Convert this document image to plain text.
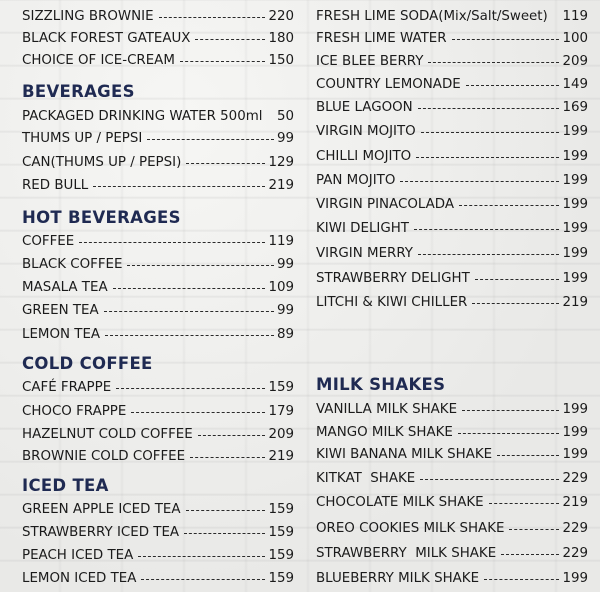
SIZZLING BROWNIE	220
BLACK FOREST GATEAUX	180
CHOICE OF ICE-CREAM	150
BEVERAGES
PACKAGED DRINKING WATER 500ml 50
THUMS UP / PEPSI	99
CAN(THUMS UP / PEPSI)	129
RED BULL	219
HOT BEVERAGES
COFFEE	119
BLACK COFFEE	99
MASALA TEA	109
GREEN TEA	99
LEMON TEA	89
COLD COFFEE
CAFÉ FRAPPE	159
CHOCO FRAPPE	179
HAZELNUT COLD COFFEE	209
BROWNIE COLD COFFEE	219
ICED TEA
GREEN APPLE ICED TEA	159
STRAWBERRY ICED TEA	159
PEACH ICED TEA	159
LEMON ICED TEA	159
FRESH LIME SODA(Mix/Salt/Sweet) 119
FRESH LIME WATER	100
ICE BLEE BERRY	209
COUNTRY LEMONADE	149
BLUE LAGOON	169
VIRGIN MOJITO	199
CHILLI MOJITO	199
PAN MOJITO	199
VIRGIN PINACOLADA	199
KIWI DELIGHT	199
VIRGIN MERRY	199
STRAWBERRY DELIGHT	199
LITCHI & KIWI CHILLER	219
MILK SHAKES
VANILLA MILK SHAKE	199
MANGO MILK SHAKE	199
KIWI BANANA MILK SHAKE	199
KITKAT  SHAKE	229
CHOCOLATE MILK SHAKE	219
OREO COOKIES MILK SHAKE	229
STRAWBERRY  MILK SHAKE	229
BLUEBERRY MILK SHAKE	199
